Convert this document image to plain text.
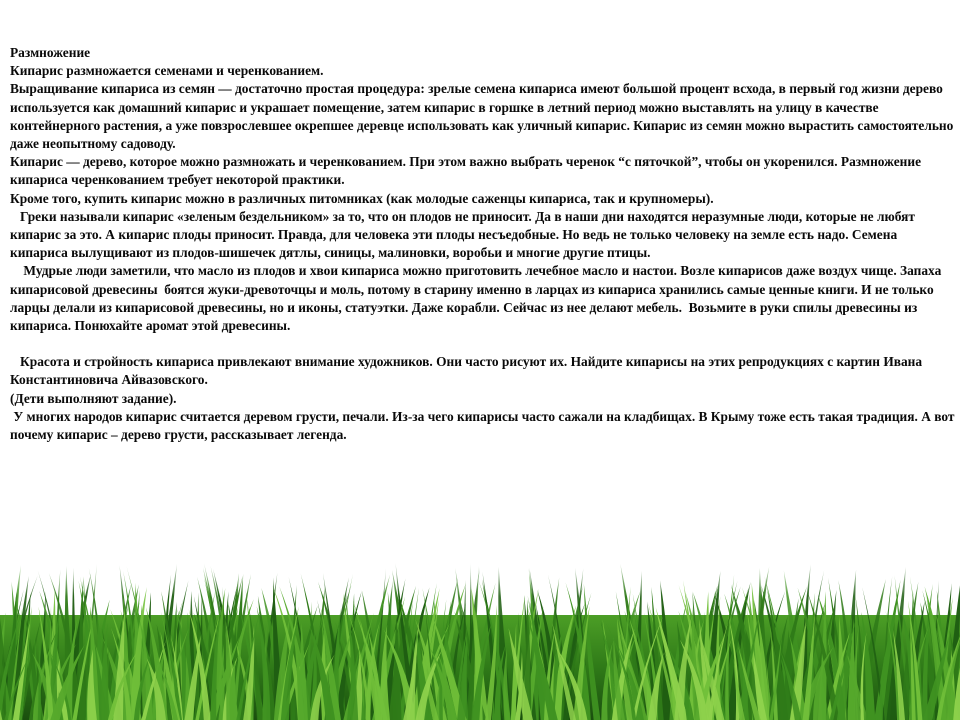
Размножение

Кипарис размножается семенами и черенкованием.

Выращивание кипариса из семян — достаточно простая процедура: зрелые семена кипариса имеют большой процент всхода, в первый год жизни дерево используется как домашний кипарис и украшает помещение, затем кипарис в горшке в летний период можно выставлять на улицу в качестве контейнерного растения, а уже повзрослевшее окрепшее деревце использовать как уличный кипарис. Кипарис из семян можно вырастить самостоятельно даже неопытному садоводу.

Кипарис — дерево, которое можно размножать и черенкованием. При этом важно выбрать черенок “с пяточкой”, чтобы он укоренился. Размножение кипариса черенкованием требует некоторой практики.

Кроме того, купить кипарис можно в различных питомниках (как молодые саженцы кипариса, так и крупномеры).

Греки называли кипарис «зеленым бездельником» за то, что он плодов не приносит. Да в наши дни находятся неразумные люди, которые не любят кипарис за это. А кипарис плоды приносит. Правда, для человека эти плоды несъедобные. Но ведь не только человеку на земле есть надо. Семена кипариса вылущивают из плодов-шишечек дятлы, синицы, малиновки, воробьи и многие другие птицы.

Мудрые люди заметили, что масло из плодов и хвои кипариса можно приготовить лечебное масло и настои. Возле кипарисов даже воздух чище. Запаха кипарисовой древесины  боятся жуки-древоточцы и моль, потому в старину именно в ларцах из кипариса хранились самые ценные книги. И не только ларцы делали из кипарисовой древесины, но и иконы, статуэтки. Даже корабли. Сейчас из нее делают мебель.  Возьмите в руки спилы древесины из кипариса. Понюхайте аромат этой древесины.

Красота и стройность кипариса привлекают внимание художников. Они часто рисуют их. Найдите кипарисы на этих репродукциях с картин Ивана Константиновича Айвазовского.

(Дети выполняют задание).

У многих народов кипарис считается деревом грусти, печали. Из-за чего кипарисы часто сажали на кладбищах. В Крыму тоже есть такая традиция. А вот почему кипарис – дерево грусти, рассказывает легенда.
